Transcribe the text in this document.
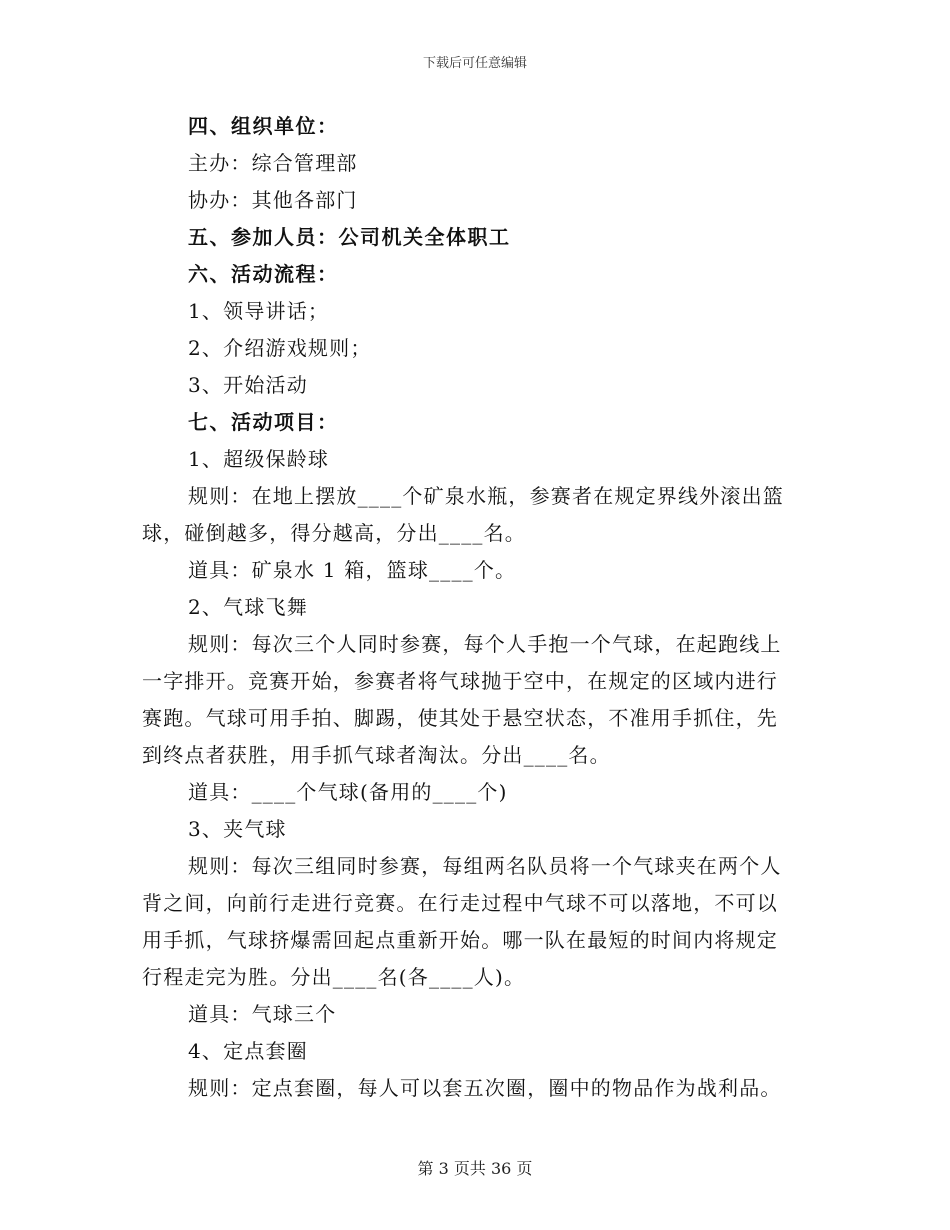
下载后可任意编辑
四、组织单位：
主办：综合管理部
协办：其他各部门
五、参加人员：公司机关全体职工
六、活动流程：
1、领导讲话；
2、介绍游戏规则；
3、开始活动
七、活动项目：
1、超级保龄球
规则：在地上摆放____个矿泉水瓶，参赛者在规定界线外滚出篮
球，碰倒越多，得分越高，分出____名。
道具：矿泉水 1 箱，篮球____个。
2、气球飞舞
规则：每次三个人同时参赛，每个人手抱一个气球，在起跑线上
一字排开。竞赛开始，参赛者将气球抛于空中，在规定的区域内进行
赛跑。气球可用手拍、脚踢，使其处于悬空状态，不准用手抓住，先
到终点者获胜，用手抓气球者淘汰。分出____名。
道具：____个气球(备用的____个)
3、夹气球
规则：每次三组同时参赛，每组两名队员将一个气球夹在两个人
背之间，向前行走进行竞赛。在行走过程中气球不可以落地，不可以
用手抓，气球挤爆需回起点重新开始。哪一队在最短的时间内将规定
行程走完为胜。分出____名(各____人)。
道具：气球三个
4、定点套圈
规则：定点套圈，每人可以套五次圈，圈中的物品作为战利品。
第 3 页共 36 页
